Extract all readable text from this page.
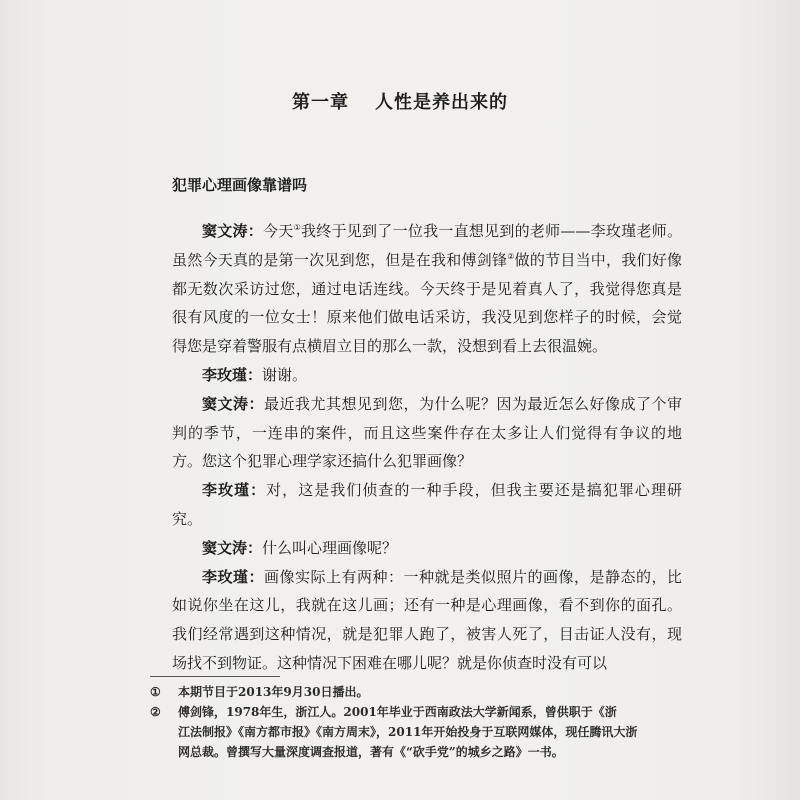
第一章 人性是养出来的
犯罪心理画像靠谱吗

窦文涛：今天①我终于见到了一位我一直想见到的老师——李玫瑾老师。虽然今天真的是第一次见到您，但是在我和傅剑锋②做的节目当中，我们好像都无数次采访过您，通过电话连线。今天终于是见着真人了，我觉得您真是很有风度的一位女士！原来他们做电话采访，我没见到您样子的时候，会觉得您是穿着警服有点横眉立目的那么一款，没想到看上去很温婉。

李玫瑾：谢谢。

窦文涛：最近我尤其想见到您，为什么呢？因为最近怎么好像成了个审判的季节，一连串的案件，而且这些案件存在太多让人们觉得有争议的地方。您这个犯罪心理学家还搞什么犯罪画像？

李玫瑾：对，这是我们侦查的一种手段，但我主要还是搞犯罪心理研究。

窦文涛：什么叫心理画像呢？

李玫瑾：画像实际上有两种：一种就是类似照片的画像，是静态的，比如说你坐在这儿，我就在这儿画；还有一种是心理画像，看不到你的面孔。我们经常遇到这种情况，就是犯罪人跑了，被害人死了，目击证人没有，现场找不到物证。这种情况下困难在哪儿呢？就是你侦查时没有可以

①	本期节目于2013年9月30日播出。
②	傅剑锋，1978年生，浙江人。2001年毕业于西南政法大学新闻系，曾供职于《浙
江法制报》《南方都市报》《南方周末》，2011年开始投身于互联网媒体，现任腾讯大浙
网总裁。曾撰写大量深度调查报道，著有《“砍手党”的城乡之路》一书。
